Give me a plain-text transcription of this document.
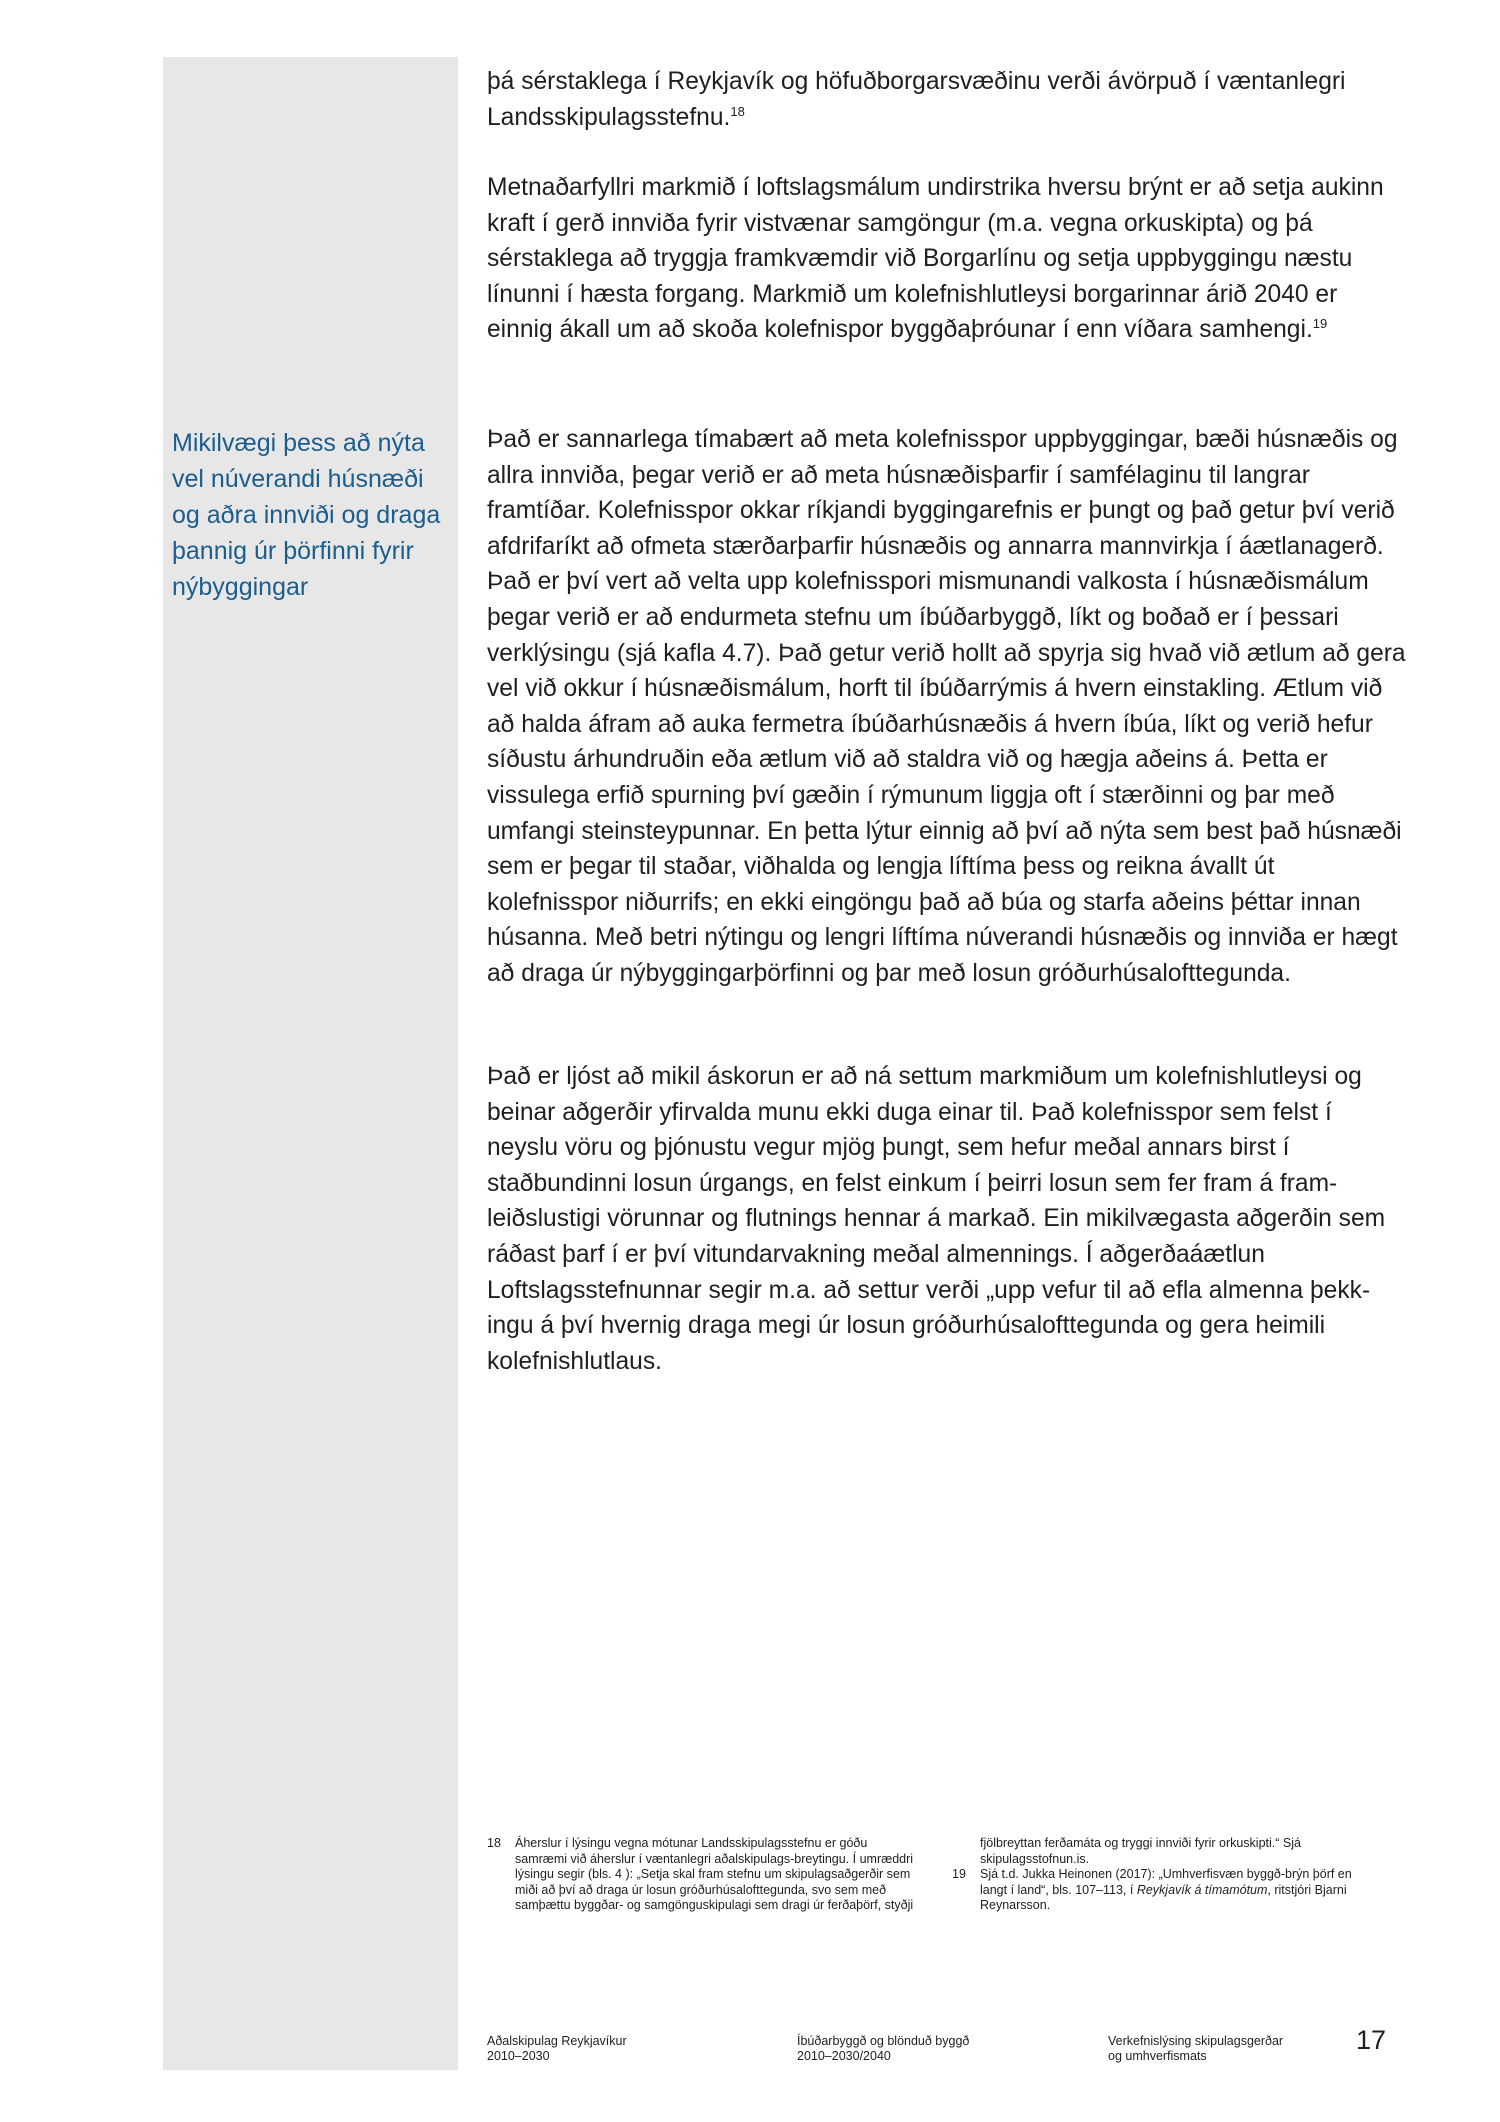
Mikilvægi þess að nýta vel núverandi húsnæði og aðra innviði og draga þannig úr þörfinni fyrir nýbyggingar

þá sérstaklega í Reykjavík og höfuðborgarsvæðinu verði ávörpuð í væntanlegri Landsskipulagsstefnu.$^{18}$

Metnaðarfyllri markmið í loftslagsmálum undirstrika hversu brýnt er að setja aukinn kraft í gerð innviða fyrir vistvænar samgöngur (m.a. vegna orkuskipta) og þá sérstaklega að tryggja framkvæmdir við Borgarlínu og setja uppbyggingu næstu línunni í hæsta forgang. Markmið um kolefnishlutleysi borgarinnar árið 2040 er einnig ákall um að skoða kolefnispor byggðaþróunar í enn víðara samhengi.$^{19}$

Það er sannarlega tímabært að meta kolefnisspor uppbyggingar, bæði húsnæðis og allra innviða, þegar verið er að meta húsnæðisþarfir í samfélaginu til langrar framtíðar. Kolefnisspor okkar ríkjandi byggingarefnis er þungt og það getur því verið afdrifaríkt að ofmeta stærðarþarfir húsnæðis og annarra mannvirkja í áætlanagerð. Það er því vert að velta upp kolefnisspori mismunandi valkosta í húsnæðismálum þegar verið er að endurmeta stefnu um íbúðarbyggð, líkt og boðað er í þessari verklýsingu (sjá kafla 4.7). Það getur verið hollt að spyrja sig hvað við ætlum að gera vel við okkur í húsnæðismálum, horft til íbúðarrýmis á hvern einstakling. Ætlum við að halda áfram að auka fermetra íbúðarhúsnæðis á hvern íbúa, líkt og verið hefur síðustu árhundruðin eða ætlum við að staldra við og hægja aðeins á. Þetta er vissulega erfið spurning því gæðin í rýmunum liggja oft í stærðinni og þar með umfangi steinsteypunnar. En þetta lýtur einnig að því að nýta sem best það húsnæði sem er þegar til staðar, viðhalda og lengja líftíma þess og reikna ávallt út kolefnisspor niðurrifs; en ekki eingöngu það að búa og starfa aðeins þéttar innan húsanna. Með betri nýtingu og lengri líftíma núverandi húsnæðis og innviða er hægt að draga úr nýbyggingarþörfinni og þar með losun gróðurhúsalofttegunda.

Það er ljóst að mikil áskorun er að ná settum markmiðum um kolefnishlutleysi og beinar aðgerðir yfirvalda munu ekki duga einar til. Það kolefnisspor sem felst í neyslu vöru og þjónustu vegur mjög þungt, sem hefur meðal annars birst í staðbundinni losun úrgangs, en felst einkum í þeirri losun sem fer fram á fram-leiðslustigi vörunnar og flutnings hennar á markað. Ein mikilvægasta aðgerðin sem ráðast þarf í er því vitundarvakning meðal almennings. Í aðgerðaáætlun Loftslagsstefnunnar segir m.a. að settur verði „upp vefur til að efla almenna þekk-ingu á því hvernig draga megi úr losun gróðurhúsalofttegunda og gera heimili kolefnishlutlaus.

18	Áherslur í lýsingu vegna mótunar Landsskipulagsstefnu er góðu samræmi við áherslur í væntanlegri aðalskipulags-breytingu. Í umræddri lýsingu segir (bls. 4 ): „Setja skal fram stefnu um skipulagsaðgerðir sem miði að því að draga úr losun gróðurhúsalofttegunda, svo sem með samþættu byggðar- og samgönguskipulagi sem dragi úr ferðaþörf, styðji
fjölbreyttan ferðamáta og tryggi innviði fyrir orkuskipti.“ Sjá skipulagsstofnun.is.
19	Sjá t.d. Jukka Heinonen (2017): „Umhverfisvæn byggð-brýn þörf en langt í land“, bls. 107–113, í Reykjavík á tímamótum, ritstjóri Bjarni Reynarsson.
Aðalskipulag Reykjavíkur
2010–2030
Íbúðarbyggð og blönduð byggð
2010–2030/2040
Verkefnislýsing skipulagsgerðar
og umhverfismats
17
